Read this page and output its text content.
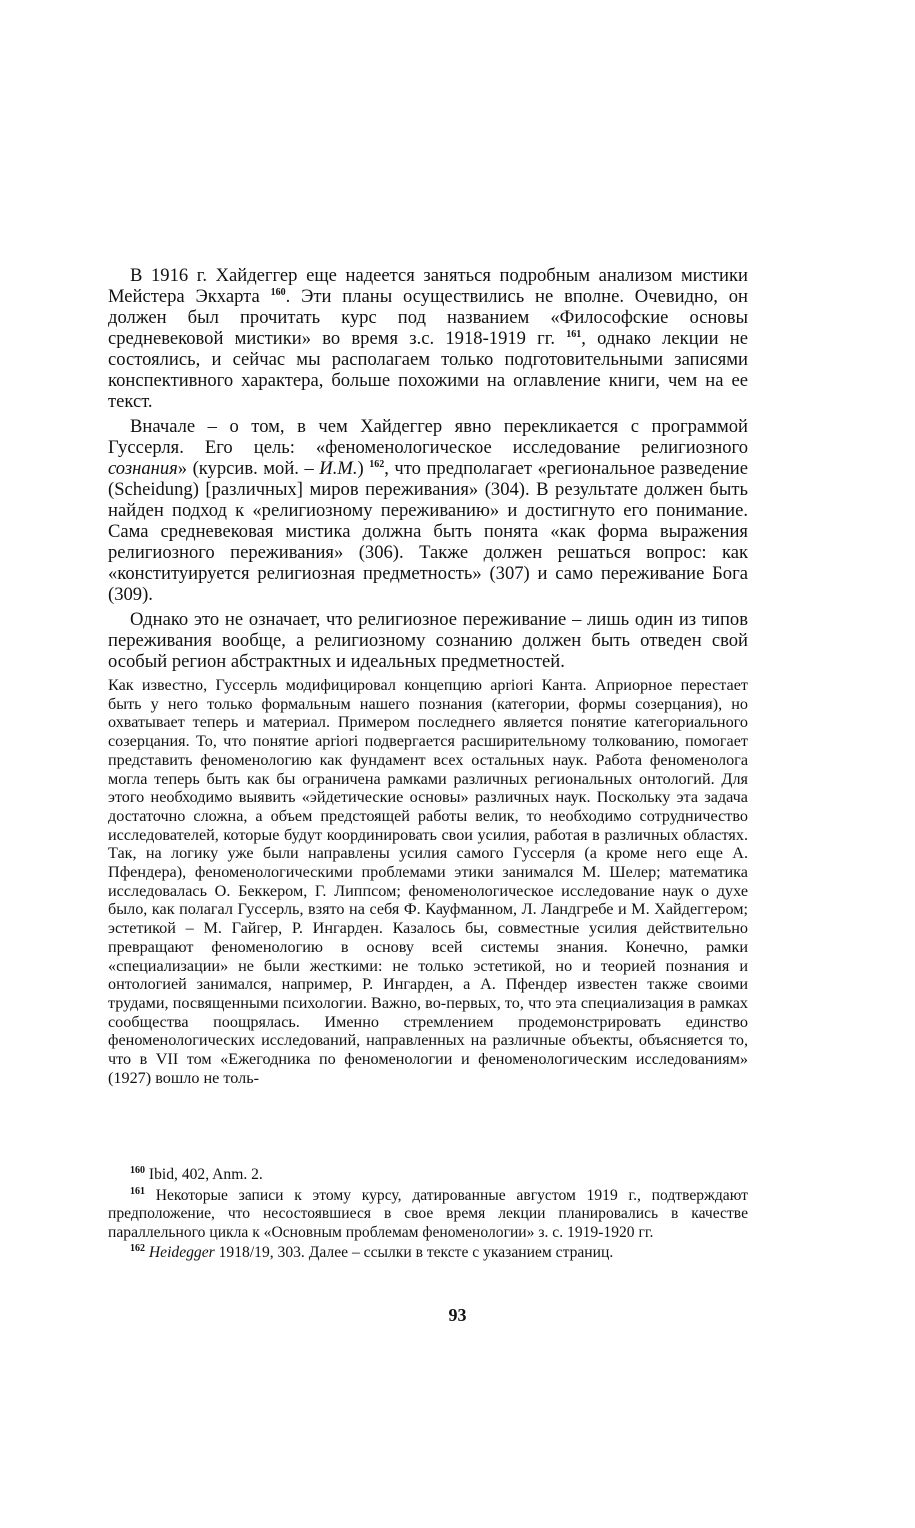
В 1916 г. Хайдеггер еще надеется заняться подробным анализом мистики Мейстера Экхарта $^{160}$. Эти планы осуществились не вполне. Очевидно, он должен был прочитать курс под названием «Философские основы средневековой мистики» во время з.с. 1918-1919 гг. $^{161}$, однако лекции не состоялись, и сейчас мы располагаем только подготовительными записями конспективного характера, больше похожими на оглавление книги, чем на ее текст.

Вначале – о том, в чем Хайдеггер явно перекликается с программой Гуссерля. Его цель: «феноменологическое исследование религиозного сознания» (курсив. мой. – И.М.) $^{162}$, что предполагает «региональное разведение (Scheidung) [различных] миров переживания» (304). В результате должен быть найден подход к «религиозному переживанию» и достигнуто его понимание. Сама средневековая мистика должна быть понята «как форма выражения религиозного переживания» (306). Также должен решаться вопрос: как «конституируется религиозная предметность» (307) и само переживание Бога (309).

Однако это не означает, что религиозное переживание – лишь один из типов переживания вообще, а религиозному сознанию должен быть отведен свой особый регион абстрактных и идеальных предметностей.

Как известно, Гуссерль модифицировал концепцию apriori Канта. Априорное перестает быть у него только формальным нашего познания (категории, формы созерцания), но охватывает теперь и материал. Примером последнего является понятие категориального созерцания. То, что понятие apriori подвергается расширительному толкованию, помогает представить феноменологию как фундамент всех остальных наук. Работа феноменолога могла теперь быть как бы ограничена рамками различных региональных онтологий. Для этого необходимо выявить «эйдетические основы» различных наук. Поскольку эта задача достаточно сложна, а объем предстоящей работы велик, то необходимо сотрудничество исследователей, которые будут координировать свои усилия, работая в различных областях. Так, на логику уже были направлены усилия самого Гуссерля (а кроме него еще А. Пфендера), феноменологическими проблемами этики занимался М. Шелер; математика исследовалась О. Беккером, Г. Липпсом; феноменологическое исследование наук о духе было, как полагал Гуссерль, взято на себя Ф. Кауфманном, Л. Ландгребе и М. Хайдеггером; эстетикой – М. Гайгер, Р. Ингарден. Казалось бы, совместные усилия действительно превращают феноменологию в основу всей системы знания. Конечно, рамки «специализации» не были жесткими: не только эстетикой, но и теорией познания и онтологией занимался, например, Р. Ингарден, а А. Пфендер известен также своими трудами, посвященными психологии. Важно, во-первых, то, что эта специализация в рамках сообщества поощрялась. Именно стремлением продемонстрировать единство феноменологических исследований, направленных на различные объекты, объясняется то, что в VII том «Ежегодника по феноменологии и феноменологическим исследованиям» (1927) вошло не толь-

$^{160}$ Ibid, 402, Anm. 2.

$^{161}$ Некоторые записи к этому курсу, датированные августом 1919 г., подтверждают предположение, что несостоявшиеся в свое время лекции планировались в качестве параллельного цикла к «Основным проблемам феноменологии» з. с. 1919-1920 гг.

$^{162}$ Heidegger 1918/19, 303. Далее – ссылки в тексте с указанием страниц.

93
